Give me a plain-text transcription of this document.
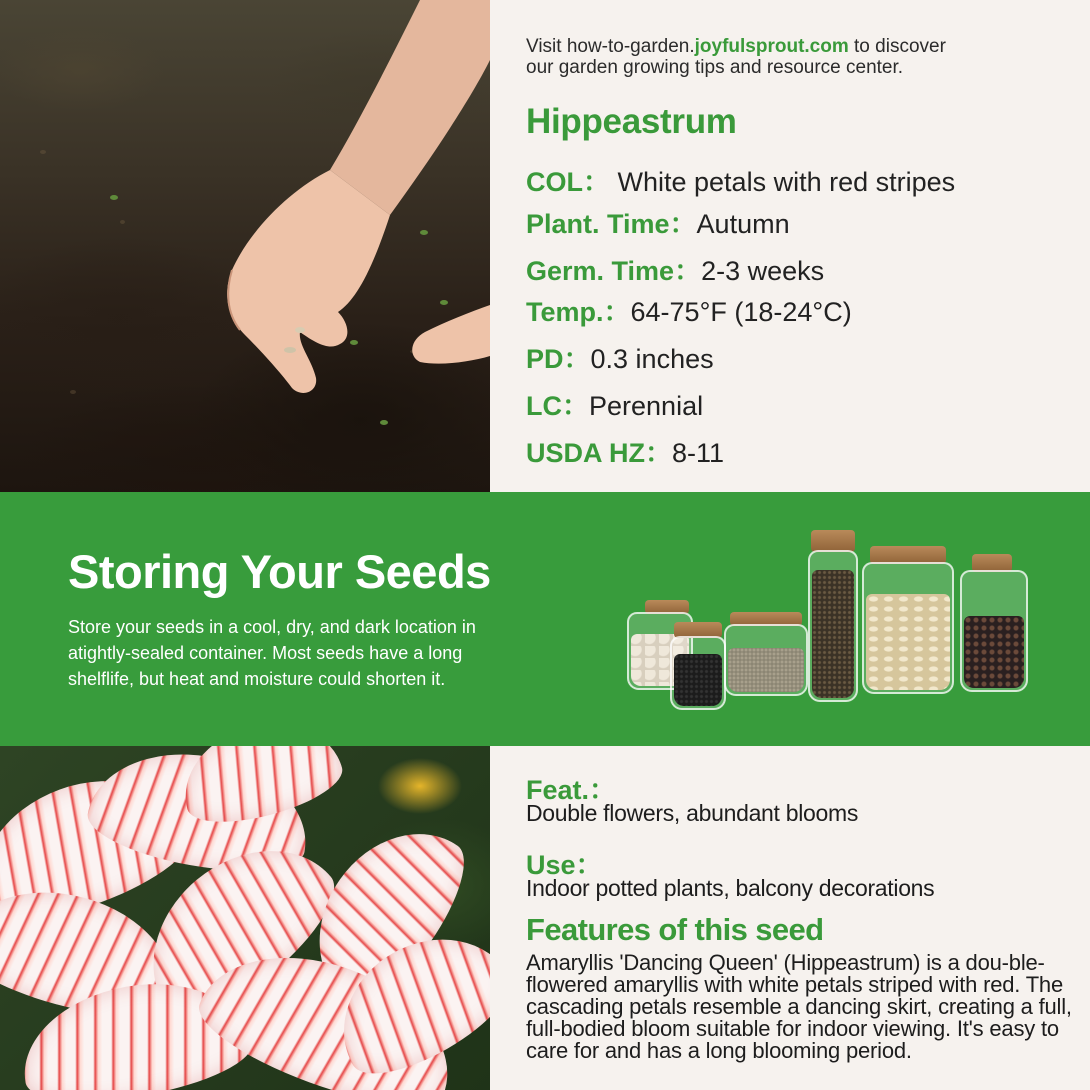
Visit how-to-garden.joyfulsprout.com to discover
our garden growing tips and resource center.
Hippeastrum
COL： White petals with red stripes
Plant. Time：Autumn
Germ. Time：2-3 weeks
Temp.：64-75°F (18-24°C)
PD：0.3 inches
LC：Perennial
USDA HZ：8-11
Storing Your Seeds
Store your seeds in a cool, dry, and dark location in atightly-sealed container. Most seeds have a long shelflife, but heat and moisture could shorten it.
Feat.：
Double flowers, abundant blooms
Use：
Indoor potted plants, balcony decorations
Features of this seed
Amaryllis 'Dancing Queen' (Hippeastrum) is a dou-ble-flowered amaryllis with white petals striped with red. The cascading petals resemble a dancing skirt, creating a full, full-bodied bloom suitable for indoor viewing. It's easy to care for and has a long blooming period.
